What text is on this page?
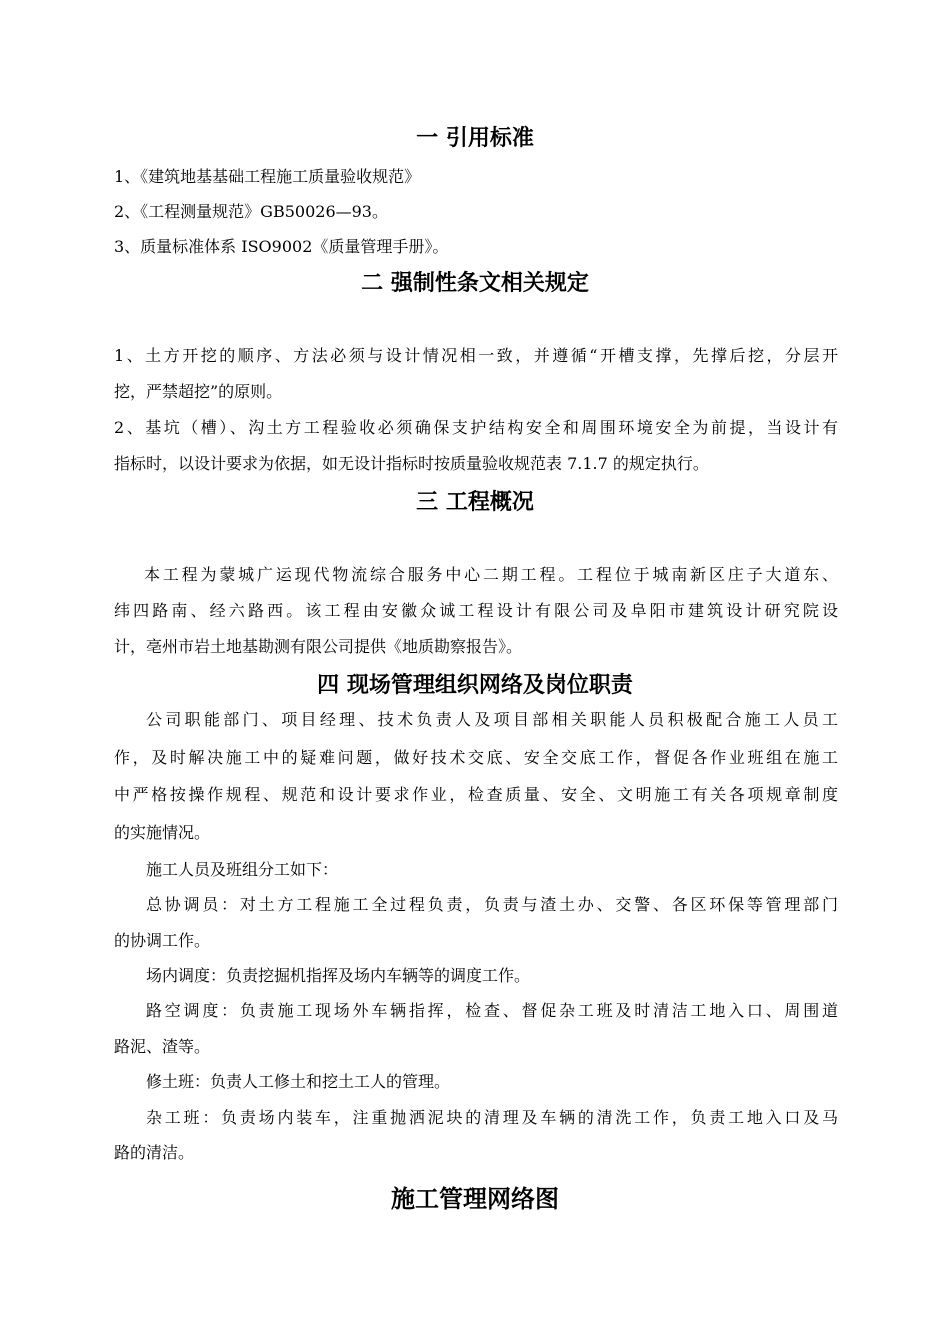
一 引用标准

1、《建筑地基基础工程施工质量验收规范》

2、《工程测量规范》GB50026—93。

3、质量标准体系 ISO9002《质量管理手册》。

二 强制性条文相关规定

1、土方开挖的顺序、方法必须与设计情况相一致，并遵循“开槽支撑，先撑后挖，分层开

挖，严禁超挖”的原则。

2、基坑（槽）、沟土方工程验收必须确保支护结构安全和周围环境安全为前提，当设计有

指标时，以设计要求为依据，如无设计指标时按质量验收规范表 7.1.7 的规定执行。

三 工程概况

本工程为蒙城广运现代物流综合服务中心二期工程。工程位于城南新区庄子大道东、

纬四路南、经六路西。该工程由安徽众诚工程设计有限公司及阜阳市建筑设计研究院设

计，亳州市岩土地基勘测有限公司提供《地质勘察报告》。

四 现场管理组织网络及岗位职责

公司职能部门、项目经理、技术负责人及项目部相关职能人员积极配合施工人员工

作，及时解决施工中的疑难问题，做好技术交底、安全交底工作，督促各作业班组在施工

中严格按操作规程、规范和设计要求作业，检查质量、安全、文明施工有关各项规章制度

的实施情况。

施工人员及班组分工如下：

总协调员：对土方工程施工全过程负责，负责与渣土办、交警、各区环保等管理部门

的协调工作。

场内调度：负责挖掘机指挥及场内车辆等的调度工作。

路空调度：负责施工现场外车辆指挥，检查、督促杂工班及时清洁工地入口、周围道

路泥、渣等。

修土班：负责人工修土和挖土工人的管理。

杂工班：负责场内装车，注重抛洒泥块的清理及车辆的清洗工作，负责工地入口及马

路的清洁。

施工管理网络图
